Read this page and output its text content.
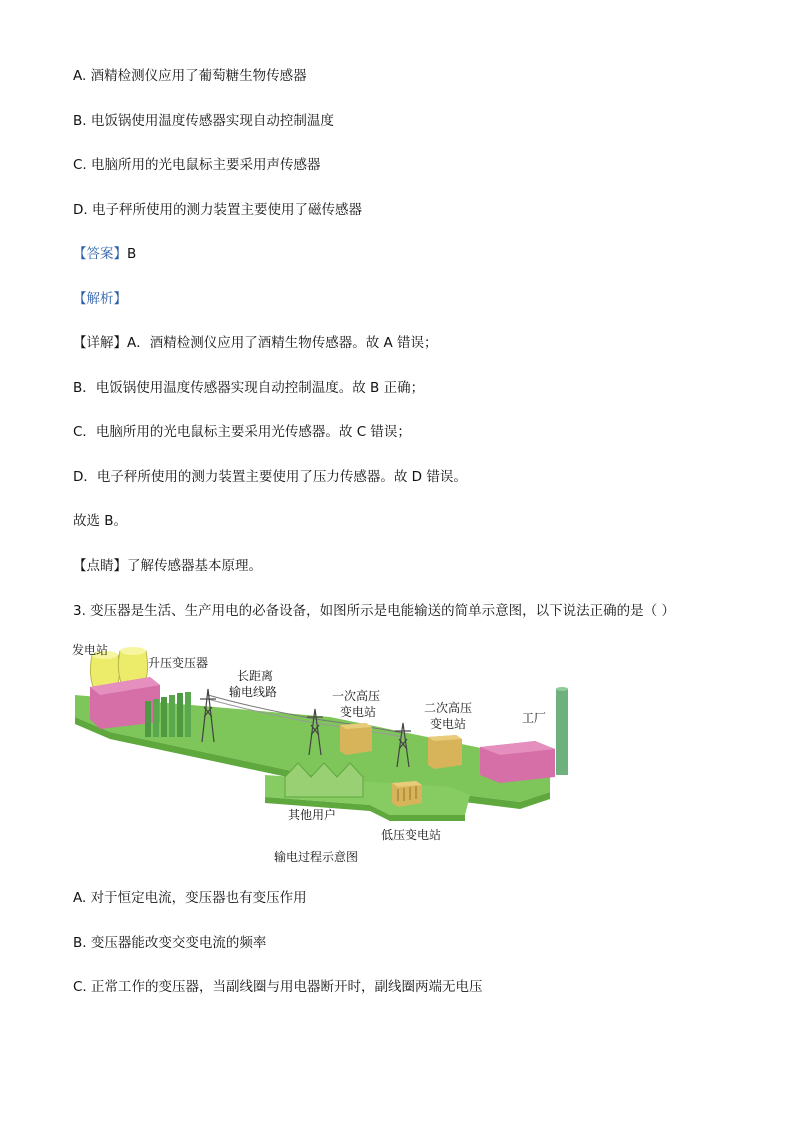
A. 酒精检测仪应用了葡萄糖生物传感器
B. 电饭锅使用温度传感器实现自动控制温度
C. 电脑所用的光电鼠标主要采用声传感器
D. 电子秤所使用的测力装置主要使用了磁传感器
【答案】B
【解析】
【详解】A．酒精检测仪应用了酒精生物传感器。故 A 错误；
B．电饭锅使用温度传感器实现自动控制温度。故 B 正确；
C．电脑所用的光电鼠标主要采用光传感器。故 C 错误；
D．电子秤所使用的测力装置主要使用了压力传感器。故 D 错误。
故选 B。
【点睛】了解传感器基本原理。
3. 变压器是生活、生产用电的必备设备，如图所示是电能输送的简单示意图，以下说法正确的是（ ）
发电站
升压变压器
长距离
输电线路	一次高压
变电站	二次高压
变电站	工厂
其他用户
低压变电站
输电过程示意图
A. 对于恒定电流，变压器也有变压作用
B. 变压器能改变交变电流的频率
C. 正常工作的变压器，当副线圈与用电器断开时，副线圈两端无电压
